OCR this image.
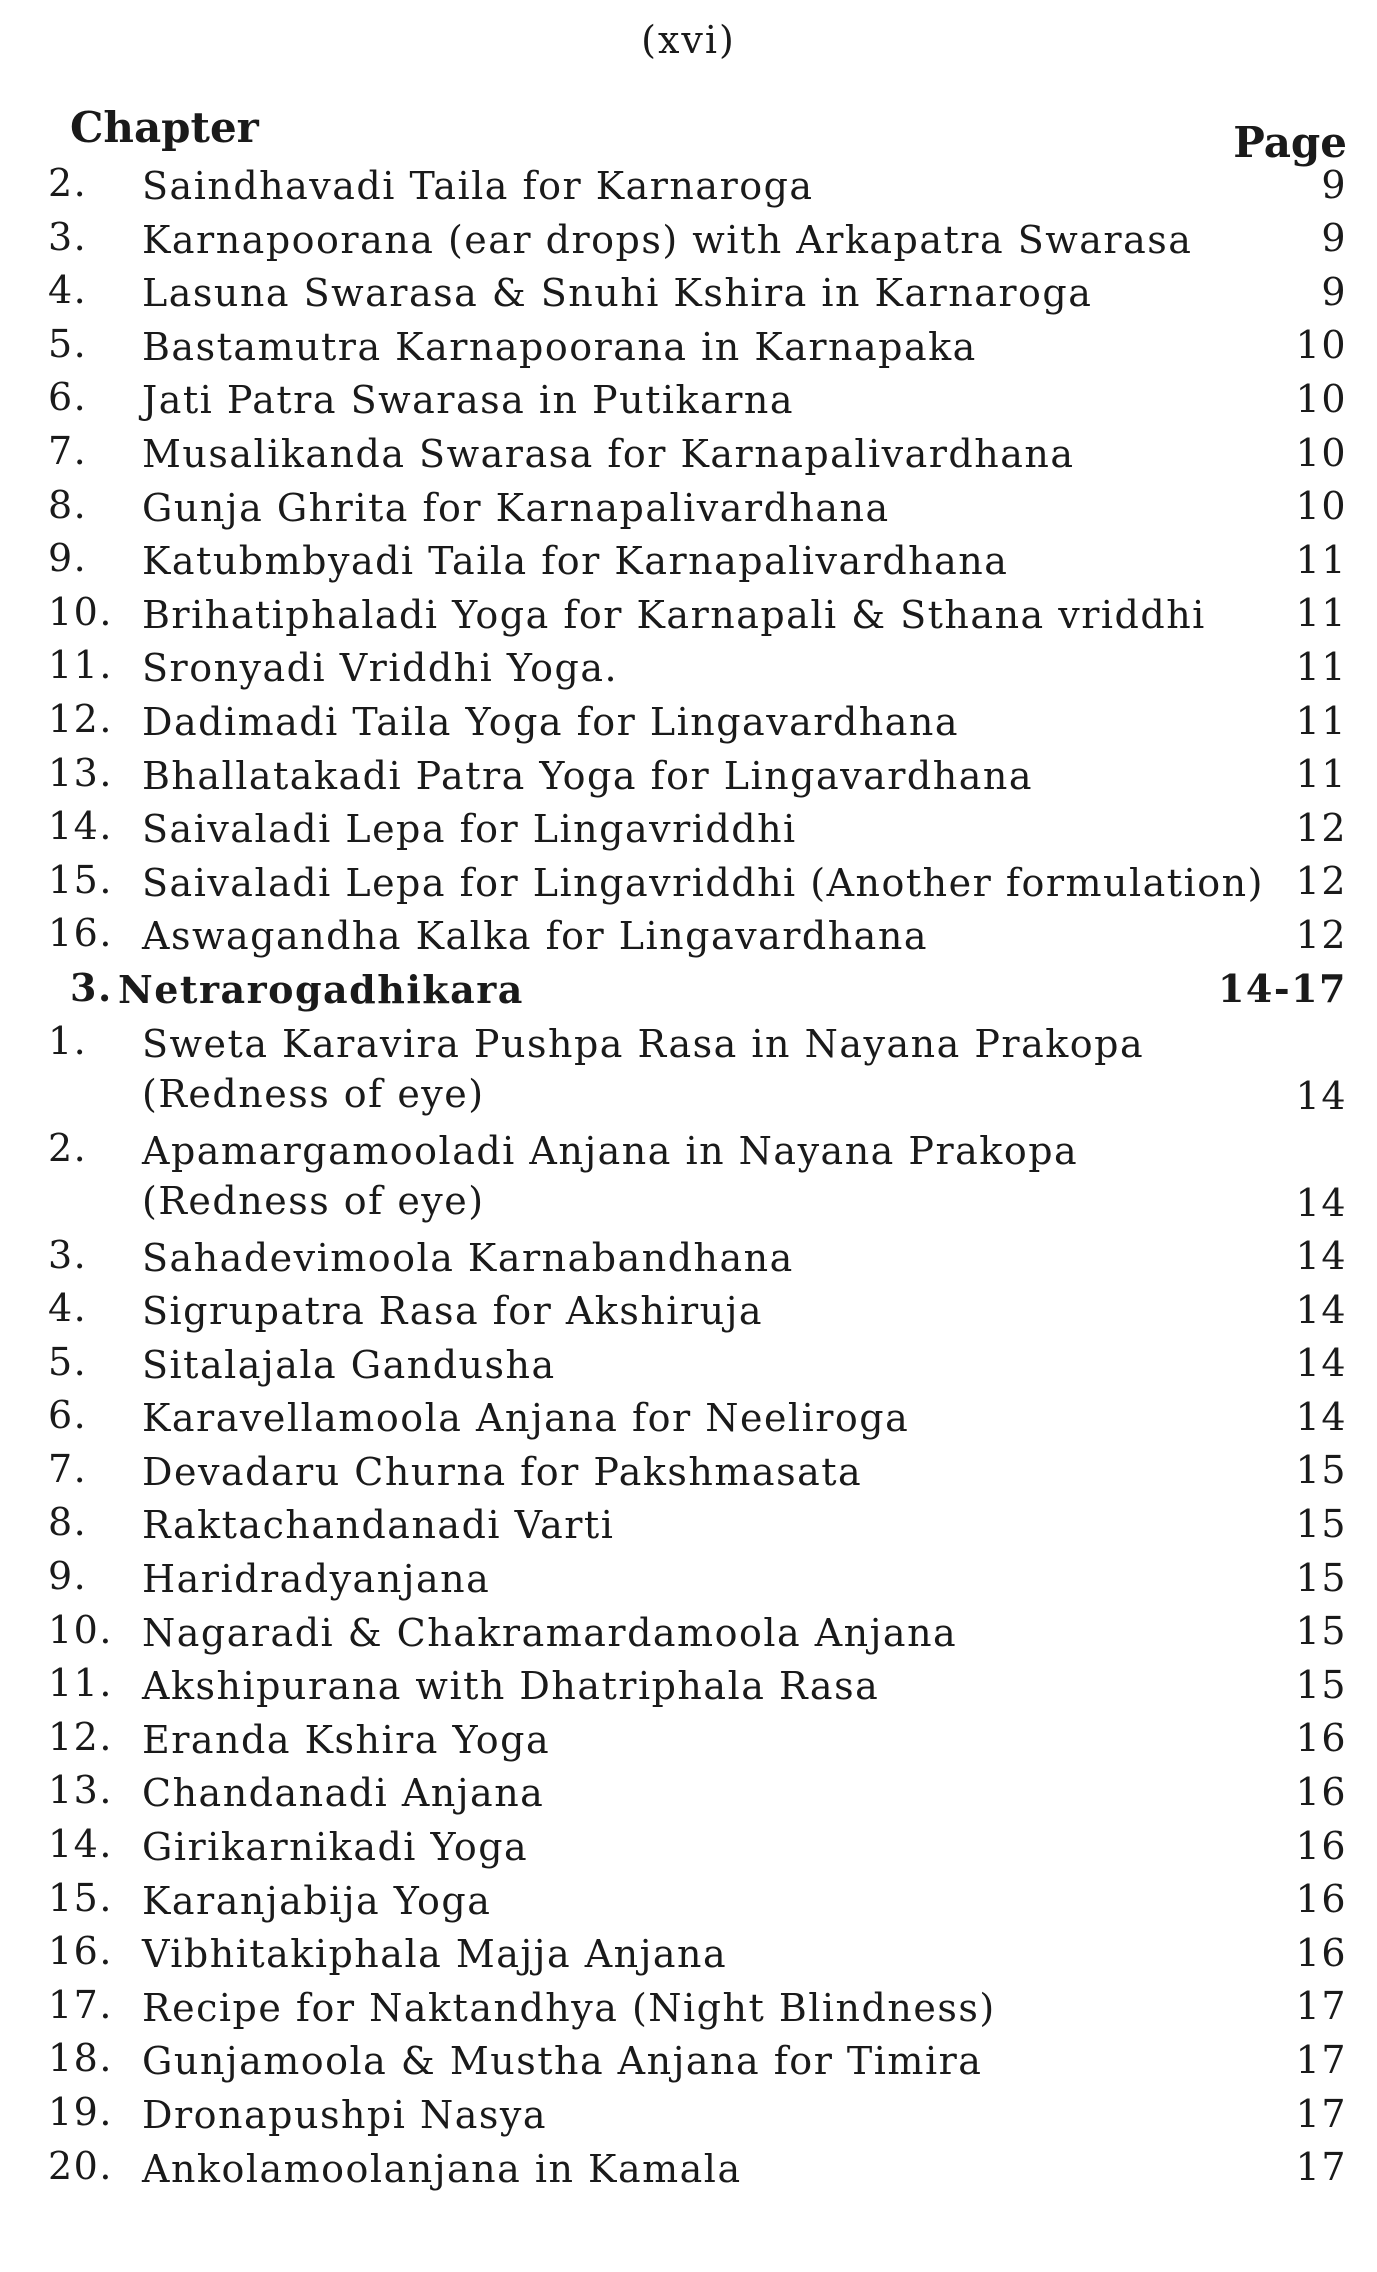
(xvi)
Chapter	Page
2.	Saindhavadi Taila for Karnaroga	9
3.	Karnapoorana (ear drops) with Arkapatra Swarasa	9
4.	Lasuna Swarasa & Snuhi Kshira in Karnaroga	9
5.	Bastamutra Karnapoorana in Karnapaka	10
6.	Jati Patra Swarasa in Putikarna	10
7.	Musalikanda Swarasa for Karnapalivardhana	10
8.	Gunja Ghrita for Karnapalivardhana	10
9.	Katubmbyadi Taila for Karnapalivardhana	11
10. Brihatiphaladi Yoga for Karnapali & Sthana vriddhi	11
11. Sronyadi Vriddhi Yoga.	11
12. Dadimadi Taila Yoga for Lingavardhana	11
13. Bhallatakadi Patra Yoga for Lingavardhana	11
14. Saivaladi Lepa for Lingavriddhi	12
15. Saivaladi Lepa for Lingavriddhi (Another formulation) 12
16. Aswagandha Kalka for Lingavardhana	12
3. Netrarogadhikara	14-17
1.	Sweta Karavira Pushpa Rasa in Nayana Prakopa
(Redness of eye)	14
2.	Apamargamooladi Anjana in Nayana Prakopa
(Redness of eye)	14
3.	Sahadevimoola Karnabandhana	14
4.	Sigrupatra Rasa for Akshiruja	14
5.	Sitalajala Gandusha	14
6.	Karavellamoola Anjana for Neeliroga	14
7.	Devadaru Churna for Pakshmasata	15
8.	Raktachandanadi Varti	15
9.	Haridradyanjana	15
10. Nagaradi & Chakramardamoola Anjana	15
11. Akshipurana with Dhatriphala Rasa	15
12. Eranda Kshira Yoga	16
13. Chandanadi Anjana	16
14. Girikarnikadi Yoga	16
15. Karanjabija Yoga	16
16. Vibhitakiphala Majja Anjana	16
17. Recipe for Naktandhya (Night Blindness)	17
18. Gunjamoola & Mustha Anjana for Timira	17
19. Dronapushpi Nasya	17
20. Ankolamoolanjana in Kamala	17
